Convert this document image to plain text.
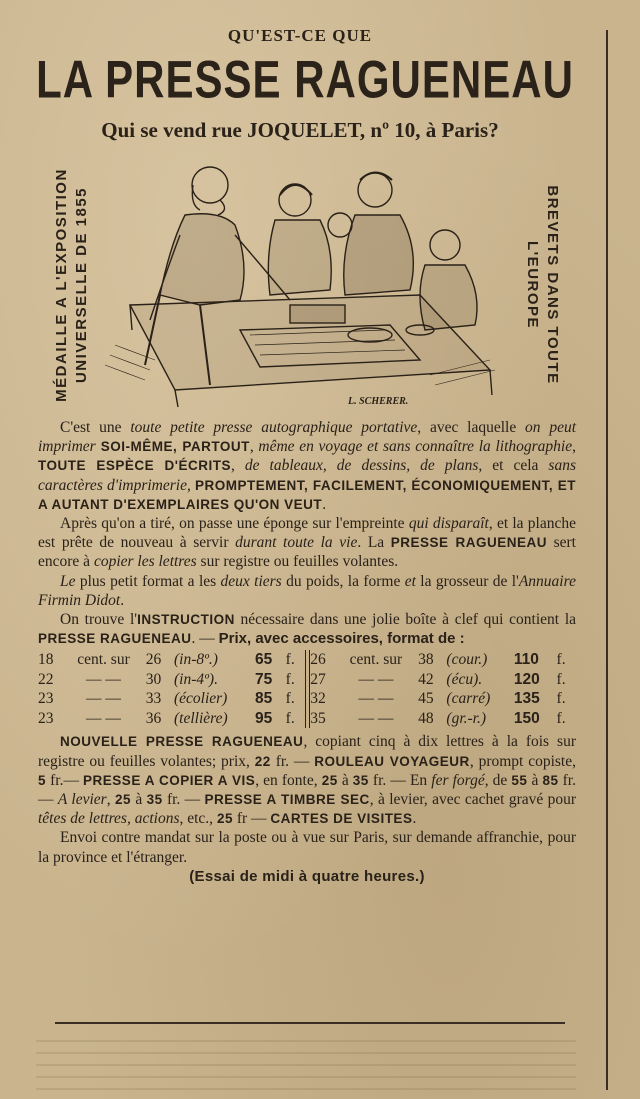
QU'EST-CE QUE
LA PRESSE RAGUENEAU
Qui se vend rue JOQUELET, nº 10, à Paris?
MÉDAILLE A L'EXPOSITION UNIVERSELLE DE 1855	BREVETS DANS TOUTE
L'EUROPE
L. SCHERER.

C'est une toute petite presse autographique portative, avec laquelle on peut imprimer SOI-MÊME, PARTOUT, même en voyage et sans connaître la lithographie, TOUTE ESPÈCE D'ÉCRITS, de tableaux, de dessins, de plans, et cela sans caractères d'imprimerie, PROMPTEMENT, FACILEMENT, ÉCONOMIQUEMENT, ET A AUTANT D'EXEMPLAIRES QU'ON VEUT.

Après qu'on a tiré, on passe une éponge sur l'empreinte qui disparaît, et la planche est prête de nouveau à servir durant toute la vie. La PRESSE RAGUENEAU sert encore à copier les lettres sur registre ou feuilles volantes.

Le plus petit format a les deux tiers du poids, la forme et la grosseur de l'Annuaire Firmin Didot.

On trouve l'INSTRUCTION nécessaire dans une jolie boîte à clef qui contient la PRESSE RAGUENEAU. — Prix, avec accessoires, format de :

18	cent. sur	26	(in-8º.)	65	f.		26	cent. sur	38	(cour.)	110	f.
22	— —	30	(in-4º).	75	f.		27	— —	42	(écu).	120	f.
23	— —	33	(écolier)	85	f.		32	— —	45	(carré)	135	f.
23	— —	36	(tellière)	95	f.		35	— —	48	(gr.-r.)	150	f.

NOUVELLE PRESSE RAGUENEAU, copiant cinq à dix lettres à la fois sur registre ou feuilles volantes; prix, 22 fr. — ROULEAU VOYAGEUR, prompt copiste, 5 fr.— PRESSE A COPIER A VIS, en fonte, 25 à 35 fr. — En fer forgé, de 55 à 85 fr. — A levier, 25 à 35 fr. — PRESSE A TIMBRE SEC, à levier, avec cachet gravé pour têtes de lettres, actions, etc., 25 fr — CARTES DE VISITES.

Envoi contre mandat sur la poste ou à vue sur Paris, sur demande affranchie, pour la province et l'étranger.

(Essai de midi à quatre heures.)
